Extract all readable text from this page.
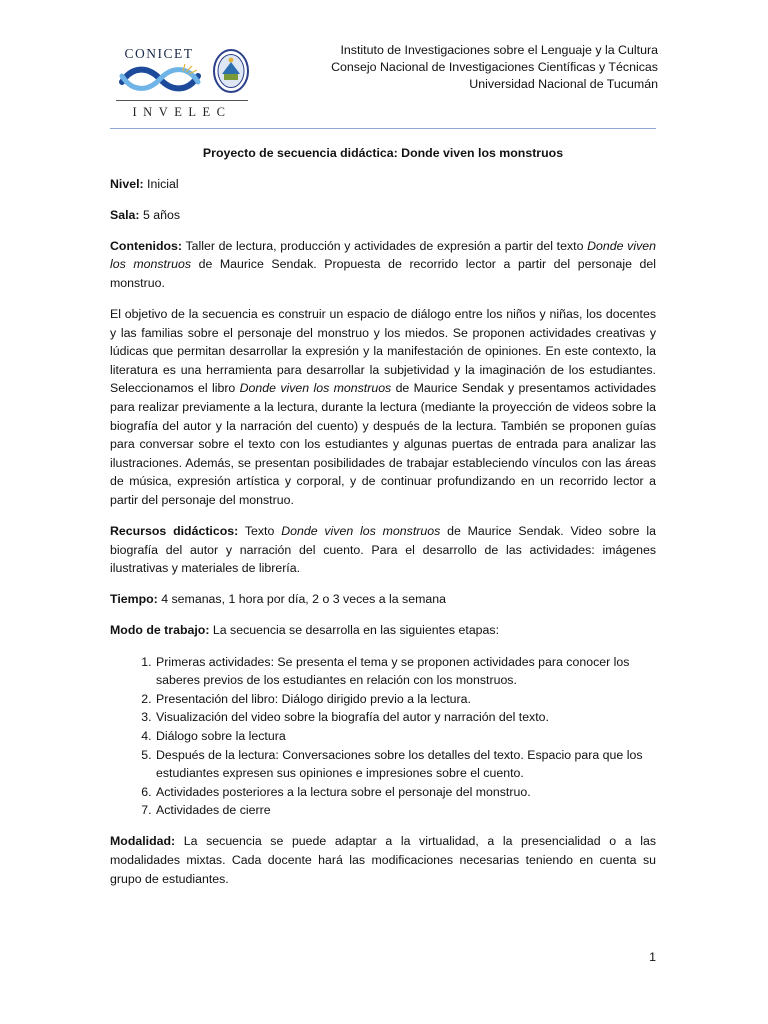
CONICET
INVELEC
Instituto de Investigaciones sobre el Lenguaje y la Cultura
Consejo Nacional de Investigaciones Científicas y Técnicas
Universidad Nacional de Tucumán
Proyecto de secuencia didáctica: Donde viven los monstruos

Nivel: Inicial

Sala: 5 años

Contenidos: Taller de lectura, producción y actividades de expresión a partir del texto Donde viven los monstruos de Maurice Sendak. Propuesta de recorrido lector a partir del personaje del monstruo.

El objetivo de la secuencia es construir un espacio de diálogo entre los niños y niñas, los docentes y las familias sobre el personaje del monstruo y los miedos. Se proponen actividades creativas y lúdicas que permitan desarrollar la expresión y la manifestación de opiniones. En este contexto, la literatura es una herramienta para desarrollar la subjetividad y la imaginación de los estudiantes. Seleccionamos el libro Donde viven los monstruos de Maurice Sendak y presentamos actividades para realizar previamente a la lectura, durante la lectura (mediante la proyección de videos sobre la biografía del autor y la narración del cuento) y después de la lectura. También se proponen guías para conversar sobre el texto con los estudiantes y algunas puertas de entrada para analizar las ilustraciones. Además, se presentan posibilidades de trabajar estableciendo vínculos con las áreas de música, expresión artística y corporal, y de continuar profundizando en un recorrido lector a partir del personaje del monstruo.

Recursos didácticos: Texto Donde viven los monstruos de Maurice Sendak. Video sobre la biografía del autor y narración del cuento. Para el desarrollo de las actividades: imágenes ilustrativas y materiales de librería.

Tiempo: 4 semanas, 1 hora por día, 2 o 3 veces a la semana

Modo de trabajo: La secuencia se desarrolla en las siguientes etapas:

1. Primeras actividades: Se presenta el tema y se proponen actividades para conocer los saberes previos de los estudiantes en relación con los monstruos.
2. Presentación del libro: Diálogo dirigido previo a la lectura.
3. Visualización del video sobre la biografía del autor y narración del texto.
4. Diálogo sobre la lectura
5. Después de la lectura: Conversaciones sobre los detalles del texto. Espacio para que los estudiantes expresen sus opiniones e impresiones sobre el cuento.
6. Actividades posteriores a la lectura sobre el personaje del monstruo.
7. Actividades de cierre

Modalidad: La secuencia se puede adaptar a la virtualidad, a la presencialidad o a las modalidades mixtas. Cada docente hará las modificaciones necesarias teniendo en cuenta su grupo de estudiantes.

1
